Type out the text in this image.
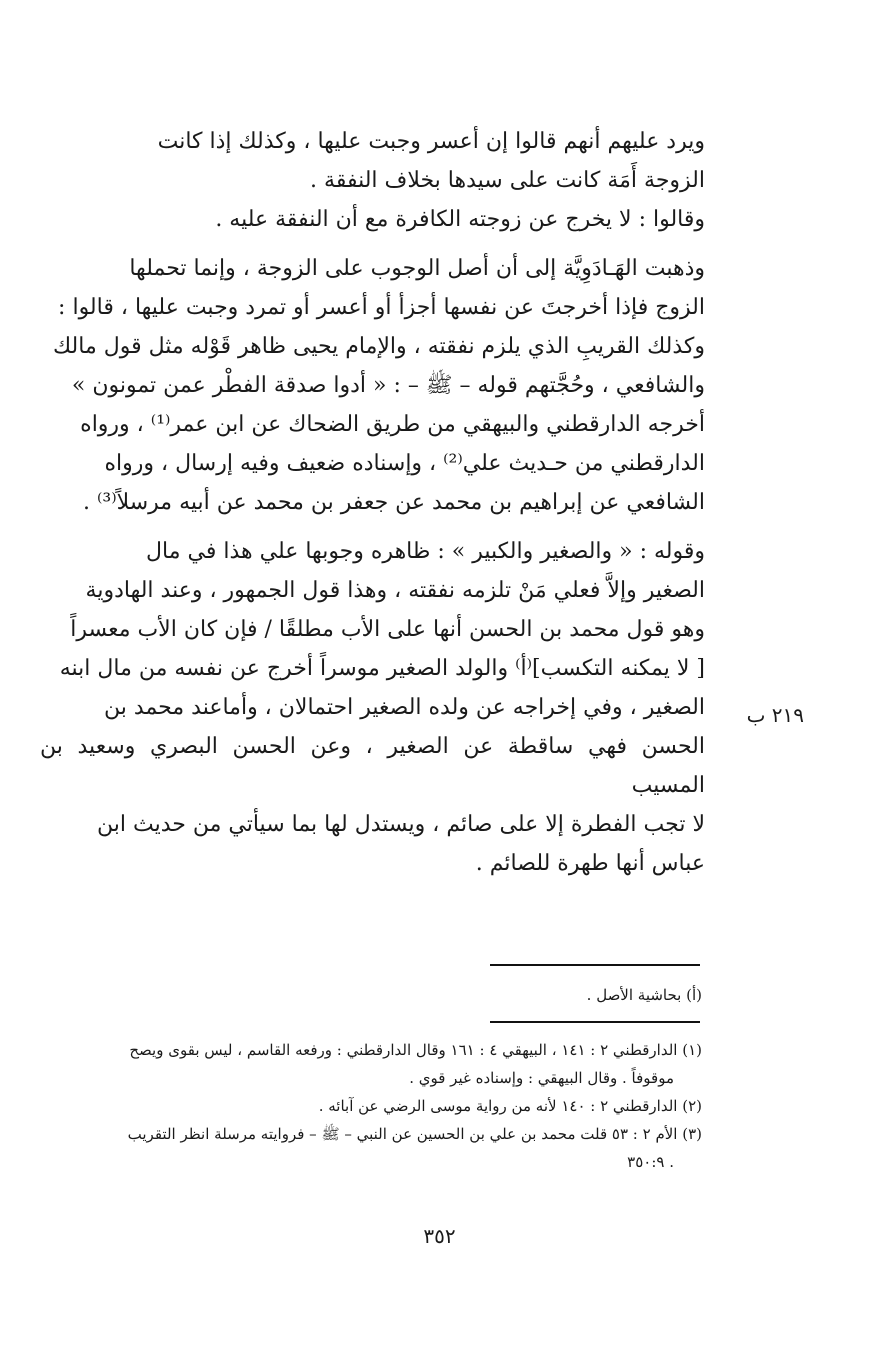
ويرد عليهم أنهم قالوا إن أعسر وجبت عليها ، وكذلك إذا كانت

الزوجة أَمَة كانت على سيدها بخلاف النفقة .

وقالوا : لا يخرج عن زوجته الكافرة مع أن النفقة عليه .

وذهبت الهَـادَوِيَّة إلى أن أصل الوجوب على الزوجة ، وإنما تحملها

الزوج فإذا أخرجتَ عن نفسها أجزأ أو أعسر أو تمرد وجبت عليها ، قالوا :

وكذلك القريبِ الذي يلزم نفقته ، والإمام يحيى ظاهر قَوْله مثل قول مالك

والشافعي ، وحُجَّتهم قوله – ﷺ – : « أدوا صدقة الفطْر عمن تمونون »

أخرجه الدارقطني والبيهقي من طريق الضحاك عن ابن عمر⁽¹⁾ ، ورواه

الدارقطني من حـديث علي⁽²⁾ ، وإسناده ضعيف وفيه إرسال ، ورواه

الشافعي عن إبراهيم بن محمد عن جعفر بن محمد عن أبيه مرسلاً⁽³⁾ .

وقوله : « والصغير والكبير » : ظاهره وجوبها علي هذا في مال

الصغير وإلاَّ فعلي مَنْ تلزمه نفقته ، وهذا قول الجمهور ، وعند الهادوية

وهو قول محمد بن الحسن أنها على الأب مطلقًا / فإن كان الأب معسراً

[ لا يمكنه التكسب]⁽أ⁾ والولد الصغير موسراً أخرج عن نفسه من مال ابنه

الصغير ، وفي إخراجه عن ولده الصغير احتمالان ، وأماعند محمد بن

الحسن فهي ساقطة عن الصغير ، وعن الحسن البصري وسعيد بن المسيب

لا تجب الفطرة إلا على صائم ، ويستدل لها بما سيأتي من حديث ابن

عباس أنها طهرة للصائم .

٢١٩ ب
(أ) بحاشية الأصل .

(١) الدارقطني ٢ : ١٤١ ، البيهقي ٤ : ١٦١ وقال الدارقطني : ورفعه القاسم ، ليس بقوى ويصح

موقوفاً . وقال البيهقي : وإسناده غير قوي .

(٢) الدارقطني ٢ : ١٤٠ لأنه من رواية موسى الرضي عن آبائه .

(٣) الأم ٢ : ٥٣ قلت محمد بن علي بن الحسين عن النبي – ﷺ – فروايته مرسلة انظر التقريب

. ٣٥٠:٩

٣٥٢
